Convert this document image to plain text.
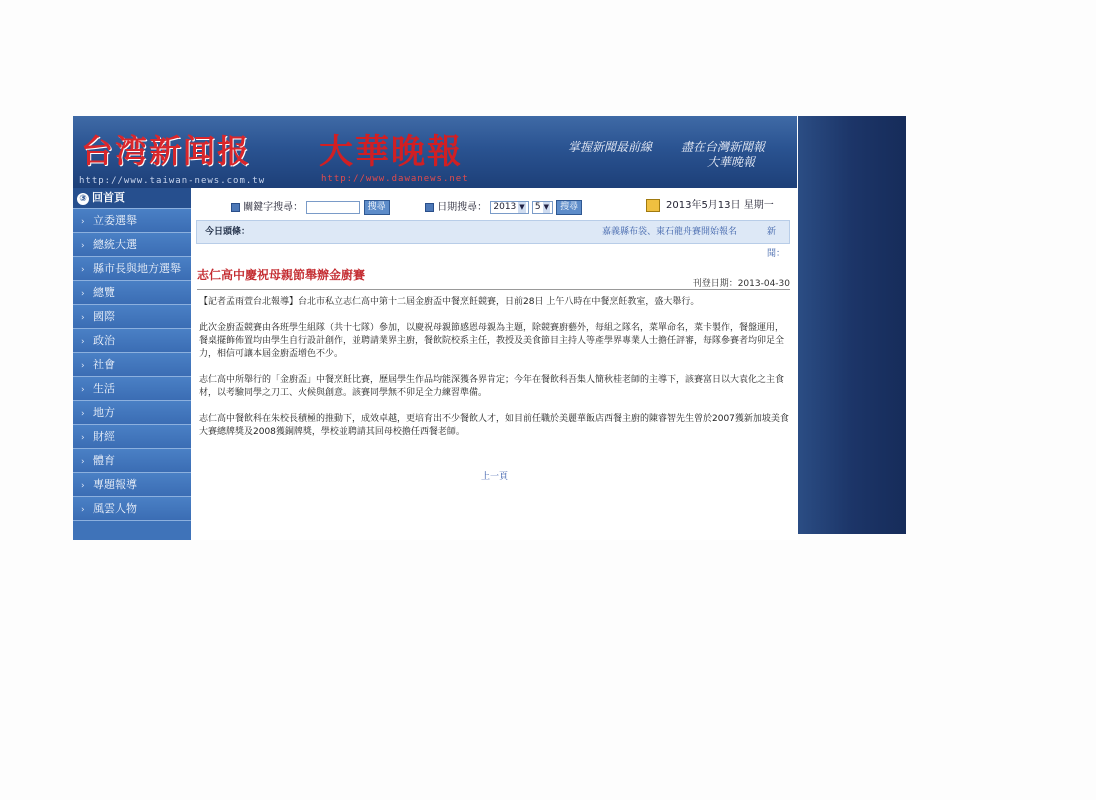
台湾新闻报 大華晚報
http://www.taiwan-news.com.tw	http://www.dawanews.net
掌握新聞最前線 盡在台灣新聞報
大華晚報
③ 回首頁
› 立委選舉
› 總統大選
› 縣市長與地方選舉
› 總覽
› 國際
› 政治
› 社會
› 生活
› 地方
› 財經
› 體育
› 專題報導
› 風雲人物
關鍵字搜尋：	搜尋	日期搜尋： 2013 ▼ 5 ▼ 搜尋	2013年5月13日 星期一
今日頭條：	嘉義縣布袋、東石龍舟賽開始報名	新聞：
志仁高中慶祝母親節舉辦金廚賽
刊登日期：2013-04-30

【記者孟雨萱台北報導】台北市私立志仁高中第十二屆金廚盃中餐烹飪競賽，日前28日 上午八時在中餐烹飪教室，盛大舉行。

此次金廚盃競賽由各班學生組隊（共十七隊）參加，以慶祝母親節感恩母親為主題，除競賽廚藝外，每組之隊名，菜單命名，菜卡製作，餐盤運用，餐桌擺飾佈置均由學生自行設計創作，並聘請業界主廚，餐飲院校系主任，教授及美食節目主持人等產學界專業人士擔任評審，每隊參賽者均卯足全力，相信可讓本屆金廚盃增色不少。

志仁高中所舉行的「金廚盃」中餐烹飪比賽，歷屆學生作品均能深獲各界肯定；今年在餐飲科吾集人簡秋桂老師的主導下，該賽富日以大袁化之主食材，以考驗同學之刀工、火候與創意。該賽同學無不卯足全力練習準備。

志仁高中餐飲科在朱校長積極的推動下，成效卓越，更培育出不少餐飲人才，如目前任職於美麗華飯店西餐主廚的陳睿智先生曾於2007獲新加坡美食大賽總牌獎及2008獲銅牌獎，學校並聘請其回母校擔任西餐老師。

上一頁
